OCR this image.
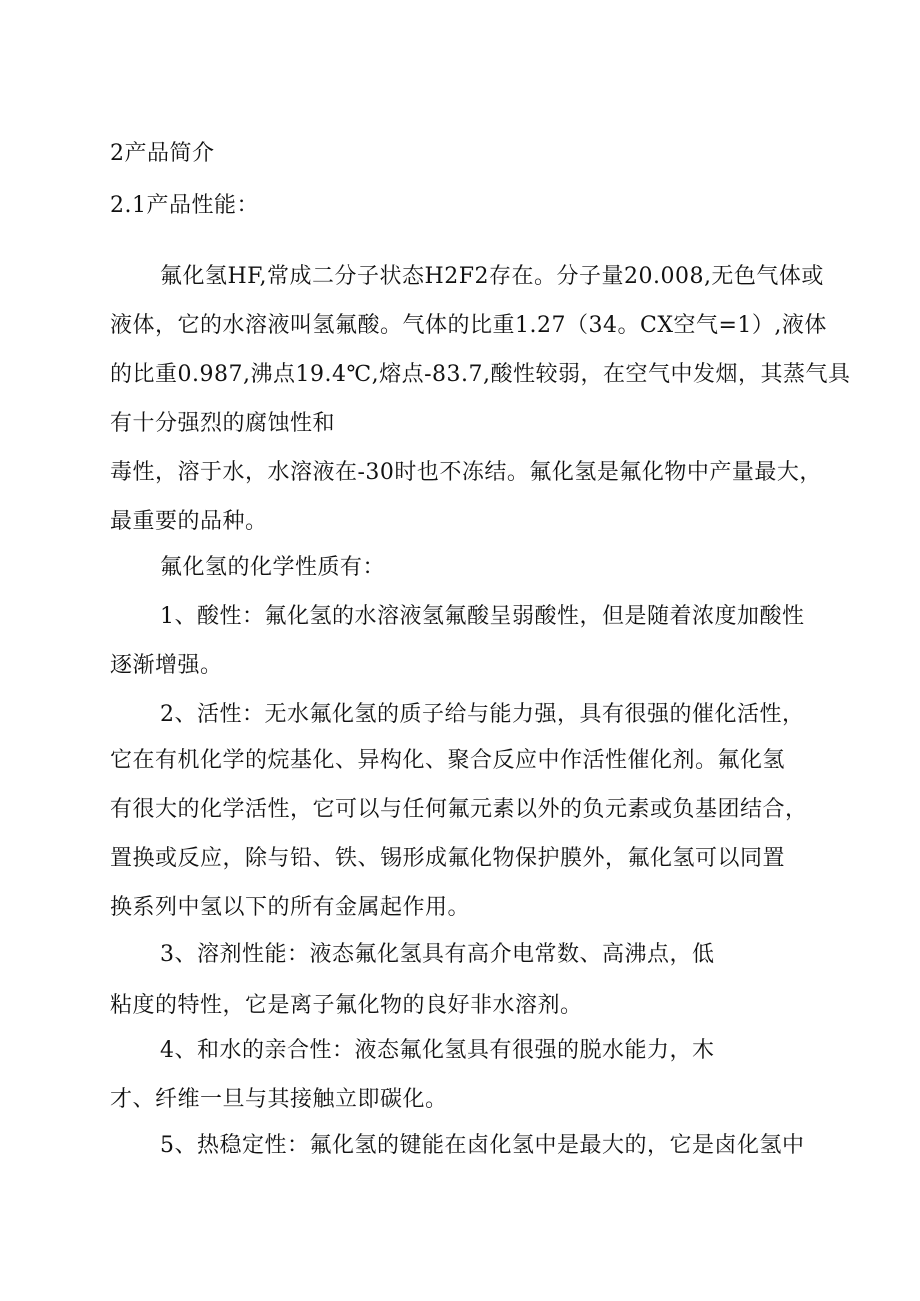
2产品简介

2.1产品性能：

氟化氢HF,常成二分子状态H2F2存在。分子量20.008,无色气体或

液体，它的水溶液叫氢氟酸。气体的比重1.27（34。CX空气=1）,液体

的比重0.987,沸点19.4℃,熔点-83.7,酸性较弱，在空气中发烟，其蒸气具

有十分强烈的腐蚀性和

毒性，溶于水，水溶液在-30时也不冻结。氟化氢是氟化物中产量最大，

最重要的品种。

氟化氢的化学性质有：

1、酸性：氟化氢的水溶液氢氟酸呈弱酸性，但是随着浓度加酸性

逐渐增强。

2、活性：无水氟化氢的质子给与能力强，具有很强的催化活性，

它在有机化学的烷基化、异构化、聚合反应中作活性催化剂。氟化氢

有很大的化学活性，它可以与任何氟元素以外的负元素或负基团结合，

置换或反应，除与铅、铁、锡形成氟化物保护膜外，氟化氢可以同置

换系列中氢以下的所有金属起作用。

3、溶剂性能：液态氟化氢具有高介电常数、高沸点，低

粘度的特性，它是离子氟化物的良好非水溶剂。

4、和水的亲合性：液态氟化氢具有很强的脱水能力，木

才、纤维一旦与其接触立即碳化。

5、热稳定性：氟化氢的键能在卤化氢中是最大的，它是卤化氢中
